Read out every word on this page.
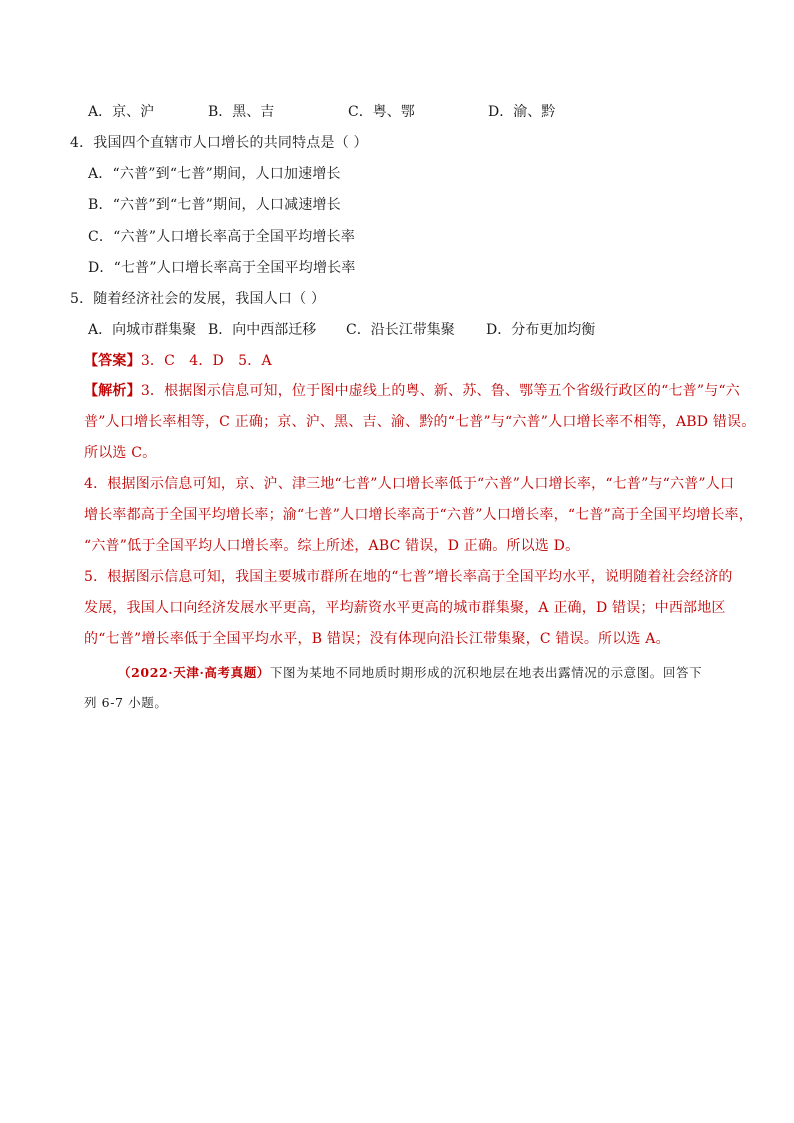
A．京、沪	B．黑、吉	C．粤、鄂	D．渝、黔
4．我国四个直辖市人口增长的共同特点是（ ）
A．“六普”到“七普”期间，人口加速增长
B．“六普”到“七普”期间，人口减速增长
C．“六普”人口增长率高于全国平均增长率
D．“七普”人口增长率高于全国平均增长率
5．随着经济社会的发展，我国人口（ ）
A．向城市群集聚 B．向中西部迁移 C．沿长江带集聚 D．分布更加均衡
【答案】3．C　4．D　5．A
【解析】3．根据图示信息可知，位于图中虚线上的粤、新、苏、鲁、鄂等五个省级行政区的“七普”与“六
普”人口增长率相等，C 正确；京、沪、黑、吉、渝、黔的“七普”与“六普”人口增长率不相等，ABD 错误。
所以选 C。
4．根据图示信息可知，京、沪、津三地“七普”人口增长率低于“六普”人口增长率，“七普”与“六普”人口
增长率都高于全国平均增长率；渝“七普”人口增长率高于“六普”人口增长率，“七普”高于全国平均增长率，
“六普”低于全国平均人口增长率。综上所述，ABC 错误，D 正确。所以选 D。
5．根据图示信息可知，我国主要城市群所在地的“七普”增长率高于全国平均水平，说明随着社会经济的
发展，我国人口向经济发展水平更高，平均薪资水平更高的城市群集聚，A 正确，D 错误；中西部地区
的“七普”增长率低于全国平均水平，B 错误；没有体现向沿长江带集聚，C 错误。所以选 A。
（2022·天津·高考真题）下图为某地不同地质时期形成的沉积地层在地表出露情况的示意图。回答下
列 6-7 小题。
